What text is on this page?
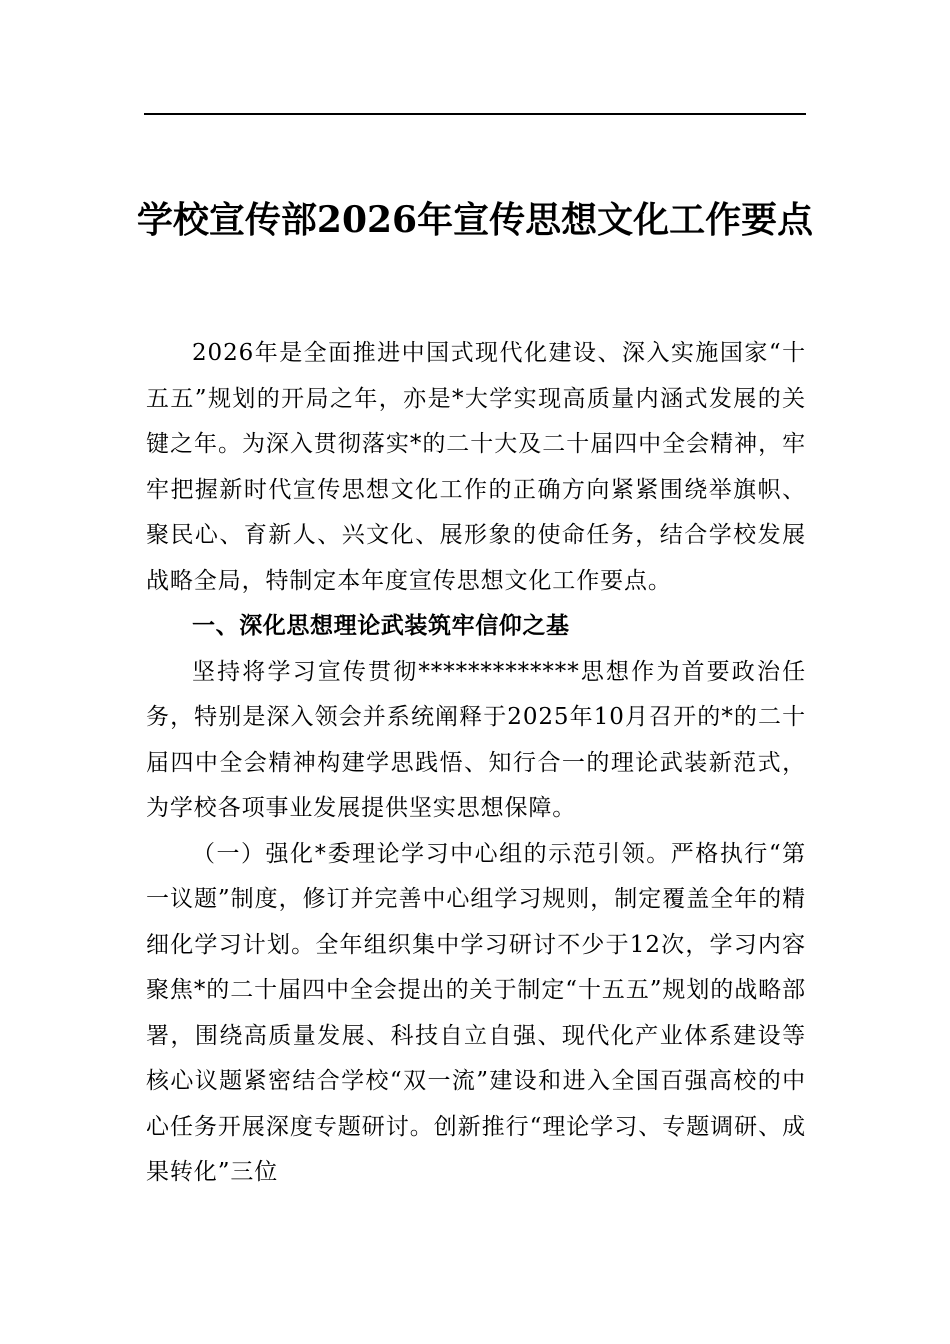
学校宣传部2026年宣传思想文化工作要点

2026年是全面推进中国式现代化建设、深入实施国家“十五五”规划的开局之年，亦是*大学实现高质量内涵式发展的关键之年。为深入贯彻落实*的二十大及二十届四中全会精神，牢牢把握新时代宣传思想文化工作的正确方向紧紧围绕举旗帜、聚民心、育新人、兴文化、展形象的使命任务，结合学校发展战略全局，特制定本年度宣传思想文化工作要点。

一、深化思想理论武装筑牢信仰之基

坚持将学习宣传贯彻*************思想作为首要政治任务，特别是深入领会并系统阐释于2025年10月召开的*的二十届四中全会精神构建学思践悟、知行合一的理论武装新范式，为学校各项事业发展提供坚实思想保障。

（一）强化*委理论学习中心组的示范引领。严格执行“第一议题”制度，修订并完善中心组学习规则，制定覆盖全年的精细化学习计划。全年组织集中学习研讨不少于12次，学习内容聚焦*的二十届四中全会提出的关于制定“十五五”规划的战略部署，围绕高质量发展、科技自立自强、现代化产业体系建设等核心议题紧密结合学校“双一流”建设和进入全国百强高校的中心任务开展深度专题研讨。创新推行“理论学习、专题调研、成果转化”三位
